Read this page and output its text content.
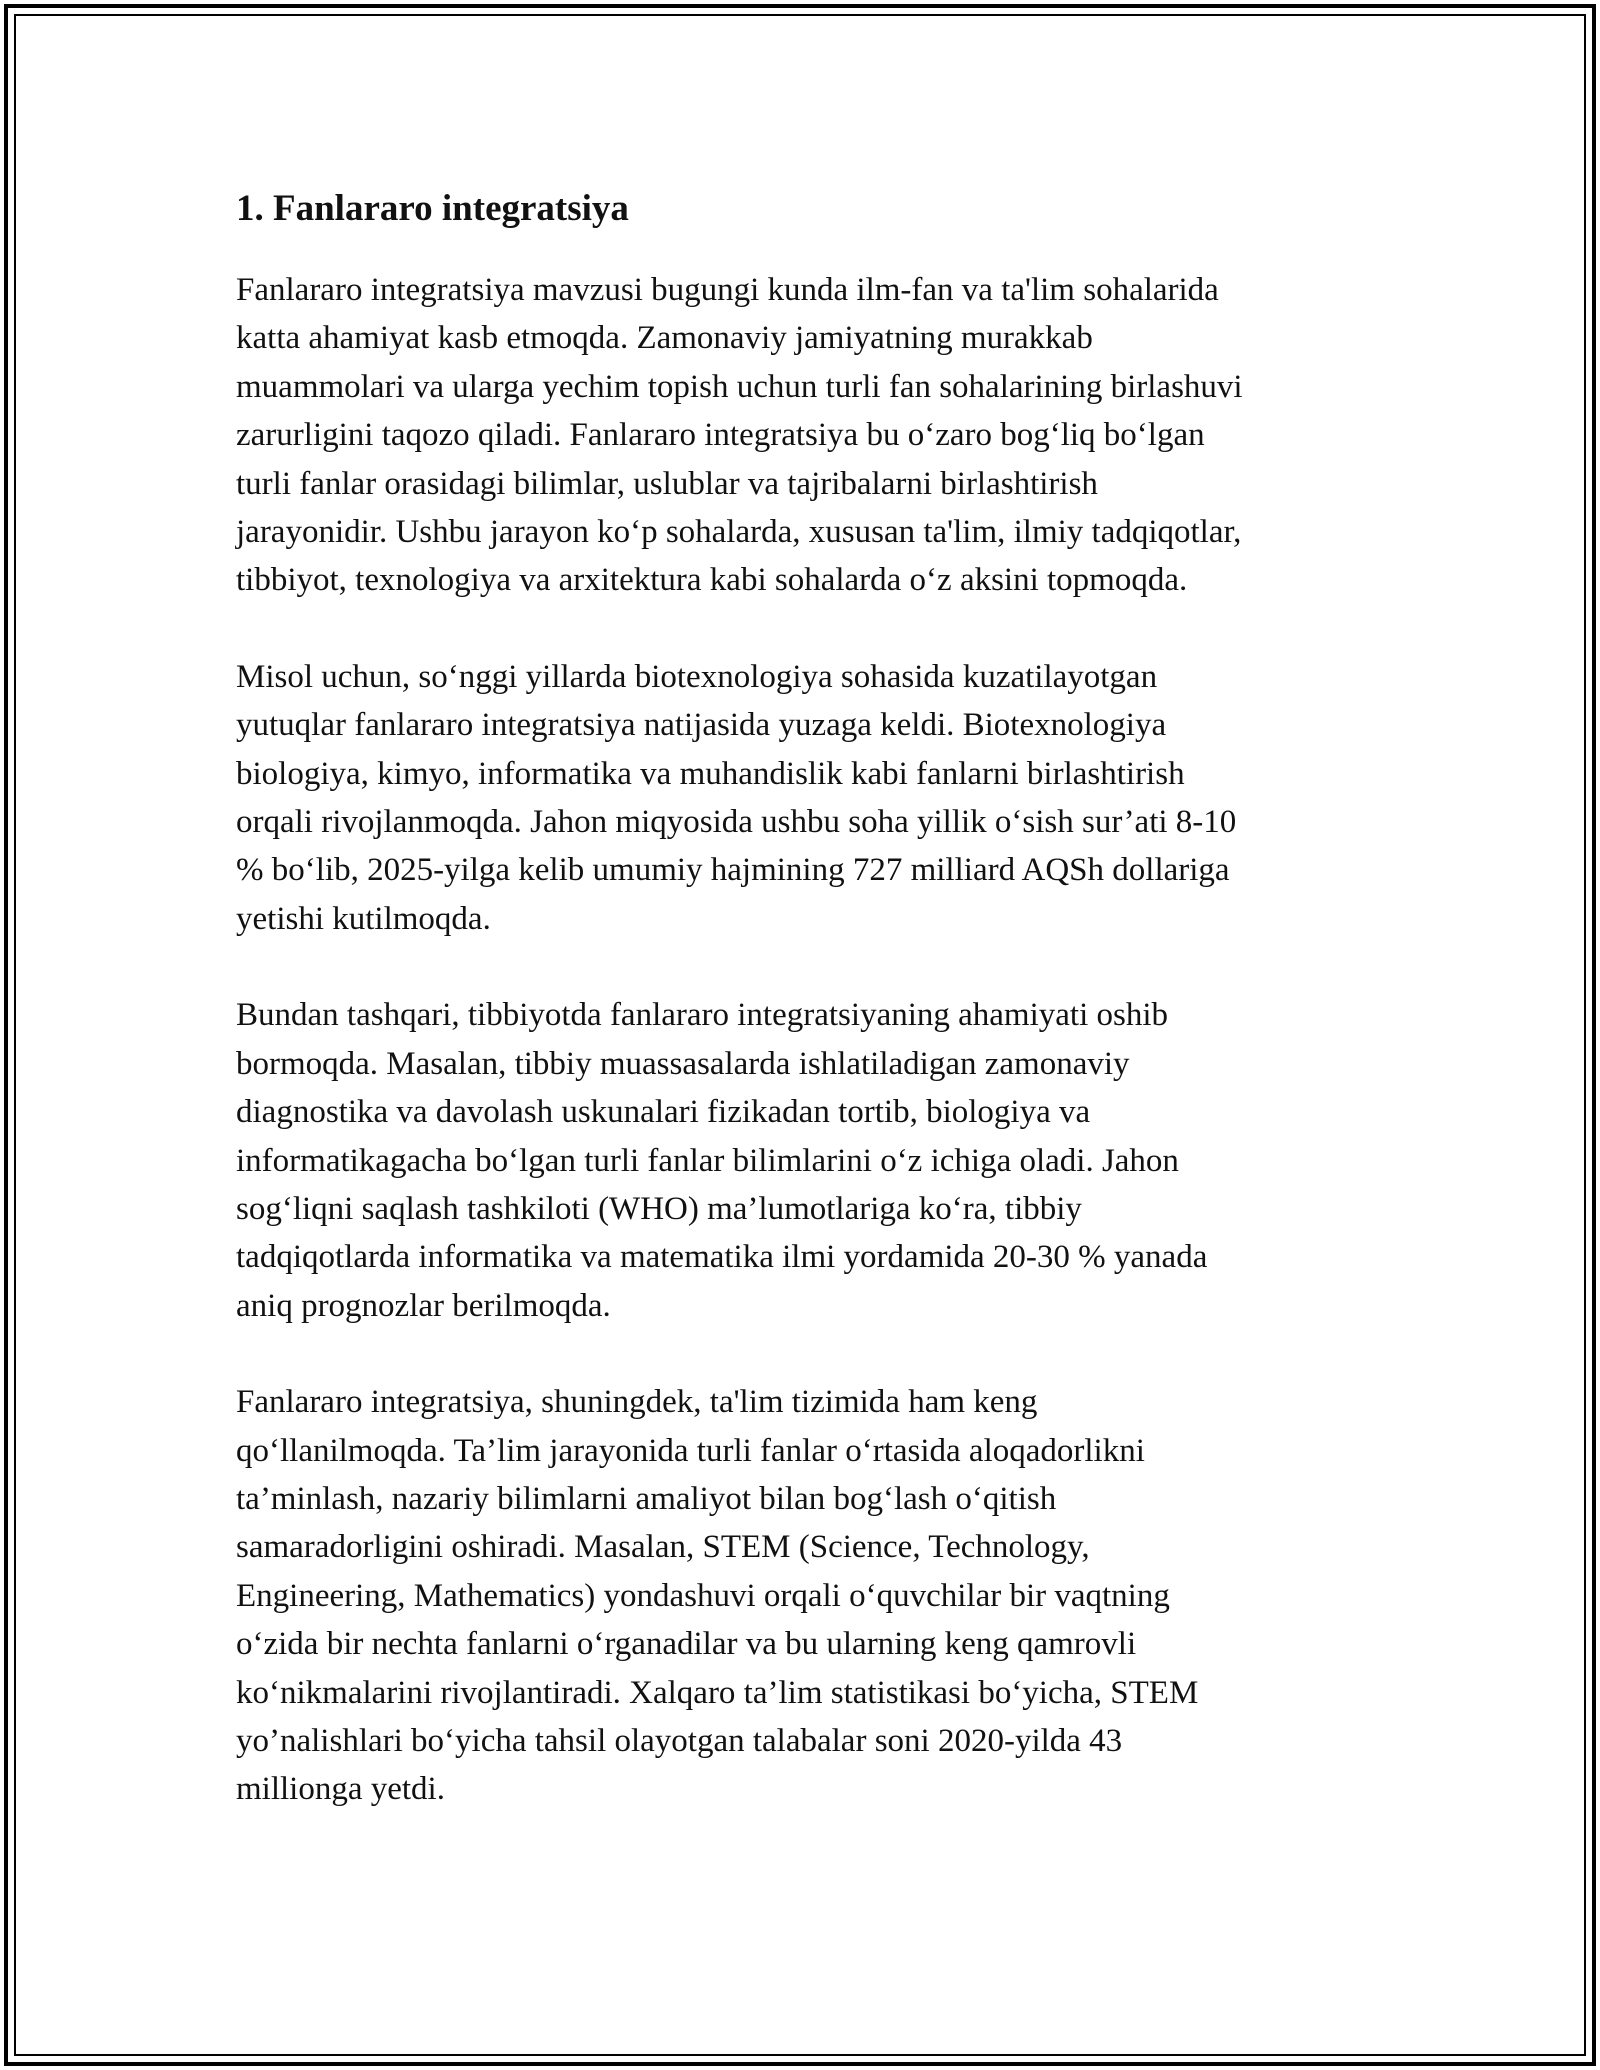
1. Fanlararo integratsiya

Fanlararo integratsiya mavzusi bugungi kunda ilm-fan va ta'lim sohalarida
katta ahamiyat kasb etmoqda. Zamonaviy jamiyatning murakkab
muammolari va ularga yechim topish uchun turli fan sohalarining birlashuvi
zarurligini taqozo qiladi. Fanlararo integratsiya bu o‘zaro bog‘liq bo‘lgan
turli fanlar orasidagi bilimlar, uslublar va tajribalarni birlashtirish
jarayonidir. Ushbu jarayon ko‘p sohalarda, xususan ta'lim, ilmiy tadqiqotlar,
tibbiyot, texnologiya va arxitektura kabi sohalarda o‘z aksini topmoqda.

Misol uchun, so‘nggi yillarda biotexnologiya sohasida kuzatilayotgan
yutuqlar fanlararo integratsiya natijasida yuzaga keldi. Biotexnologiya
biologiya, kimyo, informatika va muhandislik kabi fanlarni birlashtirish
orqali rivojlanmoqda. Jahon miqyosida ushbu soha yillik o‘sish sur’ati 8-10
% bo‘lib, 2025-yilga kelib umumiy hajmining 727 milliard AQSh dollariga
yetishi kutilmoqda.

Bundan tashqari, tibbiyotda fanlararo integratsiyaning ahamiyati oshib
bormoqda. Masalan, tibbiy muassasalarda ishlatiladigan zamonaviy
diagnostika va davolash uskunalari fizikadan tortib, biologiya va
informatikagacha bo‘lgan turli fanlar bilimlarini o‘z ichiga oladi. Jahon
sog‘liqni saqlash tashkiloti (WHO) ma’lumotlariga ko‘ra, tibbiy
tadqiqotlarda informatika va matematika ilmi yordamida 20-30 % yanada
aniq prognozlar berilmoqda.

Fanlararo integratsiya, shuningdek, ta'lim tizimida ham keng
qo‘llanilmoqda. Ta’lim jarayonida turli fanlar o‘rtasida aloqadorlikni
ta’minlash, nazariy bilimlarni amaliyot bilan bog‘lash o‘qitish
samaradorligini oshiradi. Masalan, STEM (Science, Technology,
Engineering, Mathematics) yondashuvi orqali o‘quvchilar bir vaqtning
o‘zida bir nechta fanlarni o‘rganadilar va bu ularning keng qamrovli
ko‘nikmalarini rivojlantiradi. Xalqaro ta’lim statistikasi bo‘yicha, STEM
yo’nalishlari bo‘yicha tahsil olayotgan talabalar soni 2020-yilda 43
millionga yetdi.
